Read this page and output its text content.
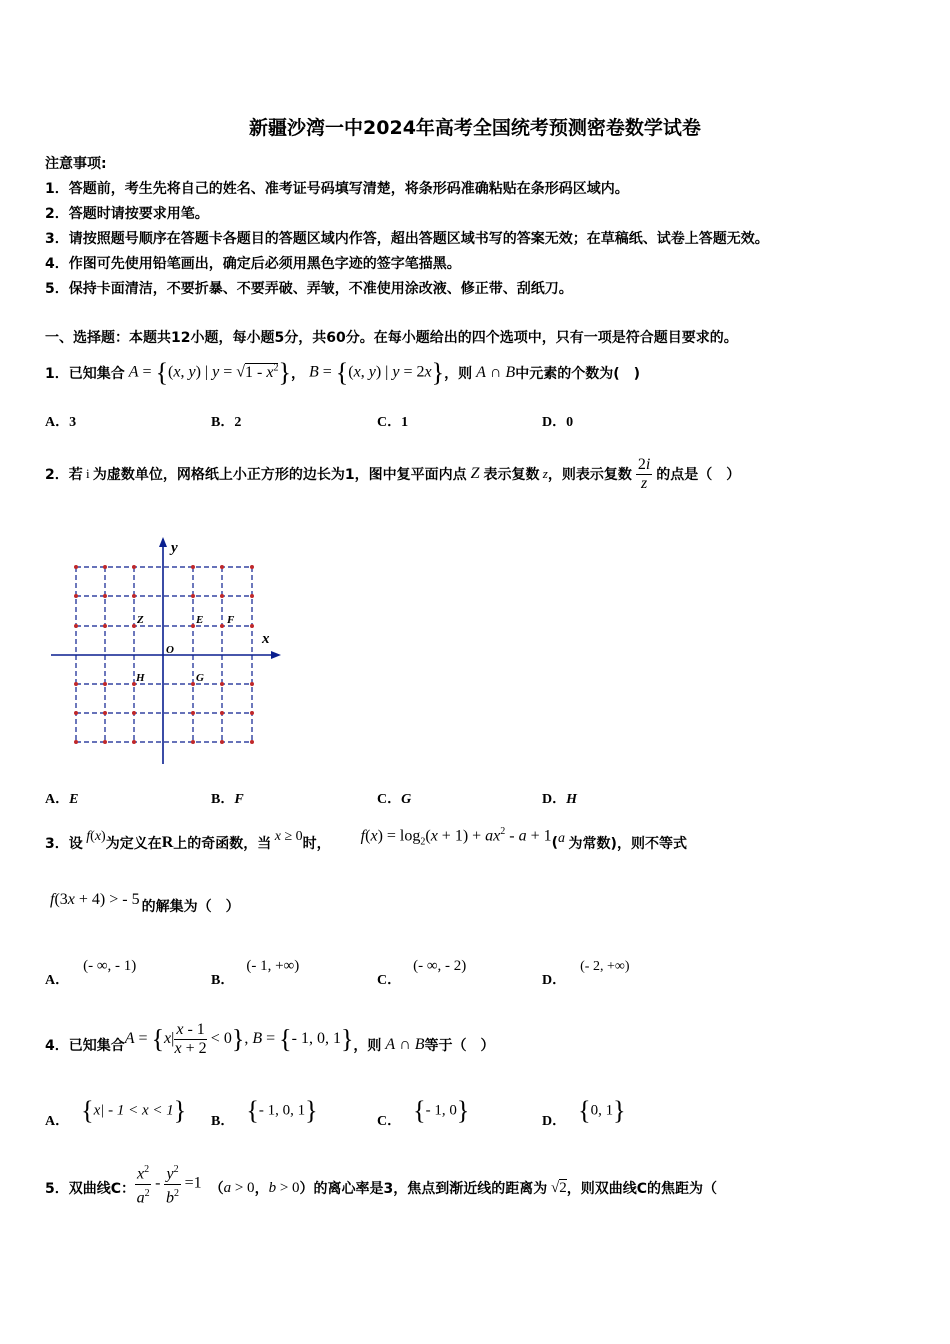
新疆沙湾一中2024年高考全国统考预测密卷数学试卷
注意事项:
1．答题前，考生先将自己的姓名、准考证号码填写清楚，将条形码准确粘贴在条形码区域内。
2．答题时请按要求用笔。
3．请按照题号顺序在答题卡各题目的答题区域内作答，超出答题区域书写的答案无效；在草稿纸、试卷上答题无效。
4．作图可先使用铅笔画出，确定后必须用黑色字迹的签字笔描黑。
5．保持卡面清洁，不要折暴、不要弄破、弄皱，不准使用涂改液、修正带、刮纸刀。
一、选择题：本题共12小题，每小题5分，共60分。在每小题给出的四个选项中，只有一项是符合题目要求的。
1．已知集合 A = {(x, y) | $y = √1 - x^2$} ， B = {(x, y) | y = 2x} ，则 A ∩ B 中元素的个数为(　)
A．3	B．2	C．1	D．0
2．若 i 为虚数单位，网格纸上小正方形的边长为1，图中复平面内点 Z 表示复数 z ，则表示复数 $\frac{2i}{z}$ 的点是（　）
y
x
O
Z	E F
H	G
A．E	B．F	C．G	D．H
3．设 f(x) 为定义在 R 上的奇函数，当 x ≥ 0 时， $f(x) = \log_2(x + 1) + ax^2 - a + 1$ ( a 为常数)，则不等式
f(3x + 4) > - 5 的解集为（　）
A．(- ∞, - 1)
B．(- 1, +∞)
C．(- ∞, - 2)
D．(- 2, +∞)
4．已知集合 $A = \{x| \frac{x - 1}{x + 2} < 0\}$, B = {- 1, 0, 1} ，则 A ∩ B 等于（　）
A． {x| - 1 < x < 1} B． {- 1, 0, 1}	C． {- 1, 0}	D． {0, 1}
5．双曲线C： $\frac{x^2}{a^2} - \frac{y^2}{b^2} =1$ （ a > 0 ， b > 0 ）的离心率是3，焦点到渐近线的距离为 √2 ，则双曲线C的焦距为（
